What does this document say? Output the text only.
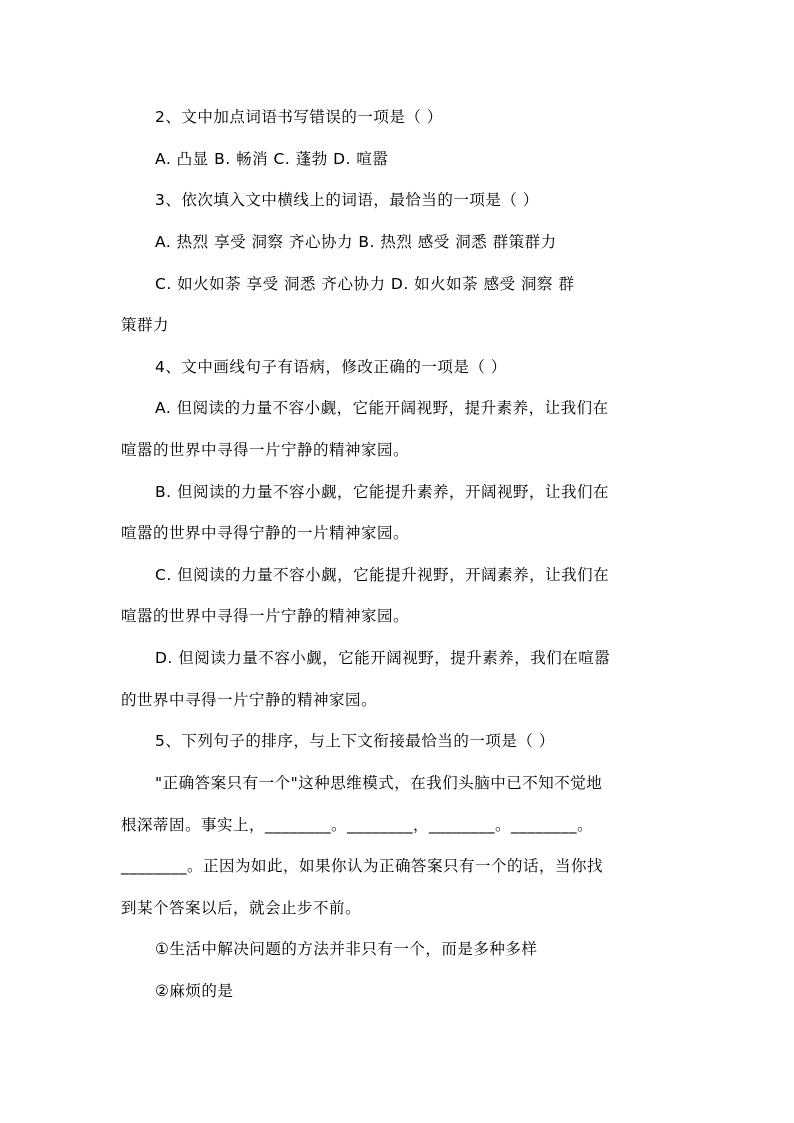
2、文中加点词语书写错误的一项是（ ）
A. 凸显 B. 畅消 C. 蓬勃 D. 喧嚣
3、依次填入文中横线上的词语，最恰当的一项是（ ）
A. 热烈 享受 洞察 齐心协力 B. 热烈 感受 洞悉 群策群力
C. 如火如荼 享受 洞悉 齐心协力 D. 如火如荼 感受 洞察 群
策群力
4、文中画线句子有语病，修改正确的一项是（ ）
A. 但阅读的力量不容小觑，它能开阔视野，提升素养，让我们在
喧嚣的世界中寻得一片宁静的精神家园。
B. 但阅读的力量不容小觑，它能提升素养，开阔视野，让我们在
喧嚣的世界中寻得宁静的一片精神家园。
C. 但阅读的力量不容小觑，它能提升视野，开阔素养，让我们在
喧嚣的世界中寻得一片宁静的精神家园。
D. 但阅读力量不容小觑，它能开阔视野，提升素养，我们在喧嚣
的世界中寻得一片宁静的精神家园。
5、下列句子的排序，与上下文衔接最恰当的一项是（ ）
"正确答案只有一个"这种思维模式，在我们头脑中已不知不觉地
根深蒂固。事实上，________。________，________。________。
________。正因为如此，如果你认为正确答案只有一个的话，当你找
到某个答案以后，就会止步不前。
①生活中解决问题的方法并非只有一个，而是多种多样
②麻烦的是
